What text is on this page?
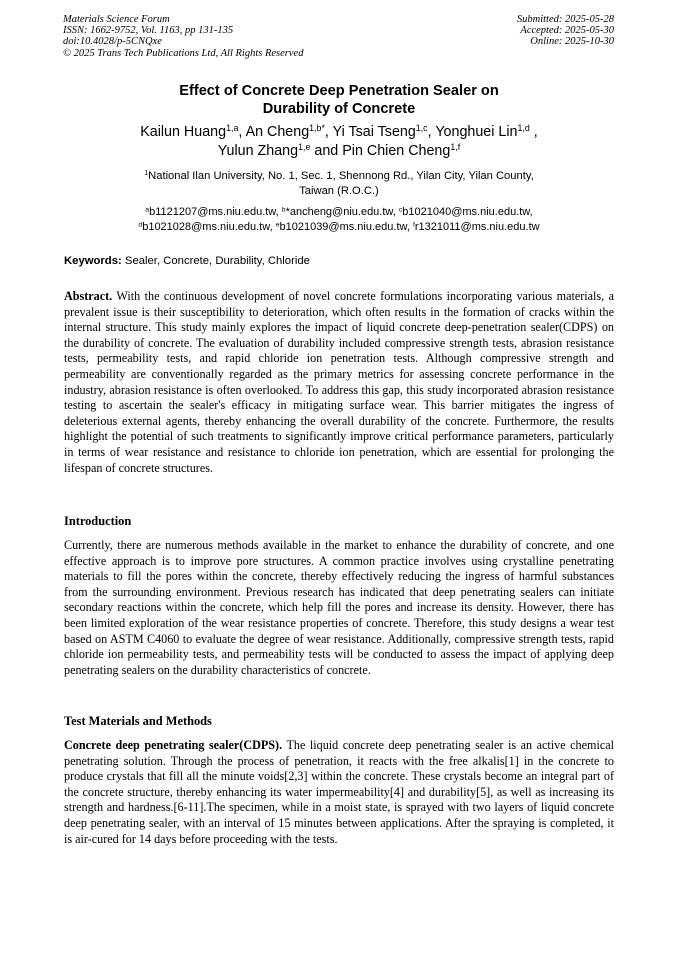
Materials Science Forum
ISSN: 1662-9752, Vol. 1163, pp 131-135
doi:10.4028/p-5CNQxe
© 2025 Trans Tech Publications Ltd, All Rights Reserved
Submitted: 2025-05-28
Accepted: 2025-05-30
Online: 2025-10-30
Effect of Concrete Deep Penetration Sealer on
Durability of Concrete
Kailun Huang$^{1,a}$, An Cheng$^{1,b*}$, Yi Tsai Tseng$^{1,c}$, Yonghuei Lin$^{1,d}$ ,
Yulun Zhang$^{1,e}$ and Pin Chien Cheng$^{1,f}$
$^1$National Ilan University, No. 1, Sec. 1, Shennong Rd., Yilan City, Yilan County,
Taiwan (R.O.C.)
$^a$b1121207@ms.niu.edu.tw, $^b$*ancheng@niu.edu.tw, $^c$b1021040@ms.niu.edu.tw,
$^d$b1021028@ms.niu.edu.tw, $^e$b1021039@ms.niu.edu.tw, $^f$r1321011@ms.niu.edu.tw
Keywords: Sealer, Concrete, Durability, Chloride
Abstract. With the continuous development of novel concrete formulations incorporating various materials, a prevalent issue is their susceptibility to deterioration, which often results in the formation of cracks within the internal structure. This study mainly explores the impact of liquid concrete deep-penetration sealer(CDPS) on the durability of concrete. The evaluation of durability included compressive strength tests, abrasion resistance tests, permeability tests, and rapid chloride ion penetration tests. Although compressive strength and permeability are conventionally regarded as the primary metrics for assessing concrete performance in the industry, abrasion resistance is often overlooked. To address this gap, this study incorporated abrasion resistance testing to ascertain the sealer's efficacy in mitigating surface wear. This barrier mitigates the ingress of deleterious external agents, thereby enhancing the overall durability of the concrete. Furthermore, the results highlight the potential of such treatments to significantly improve critical performance parameters, particularly in terms of wear resistance and resistance to chloride ion penetration, which are essential for prolonging the lifespan of concrete structures.
Introduction
Currently, there are numerous methods available in the market to enhance the durability of concrete, and one effective approach is to improve pore structures. A common practice involves using crystalline penetrating materials to fill the pores within the concrete, thereby effectively reducing the ingress of harmful substances from the surrounding environment. Previous research has indicated that deep penetrating sealers can initiate secondary reactions within the concrete, which help fill the pores and increase its density. However, there has been limited exploration of the wear resistance properties of concrete. Therefore, this study designs a wear test based on ASTM C4060 to evaluate the degree of wear resistance. Additionally, compressive strength tests, rapid chloride ion permeability tests, and permeability tests will be conducted to assess the impact of applying deep penetrating sealers on the durability characteristics of concrete.
Test Materials and Methods
Concrete deep penetrating sealer(CDPS). The liquid concrete deep penetrating sealer is an active chemical penetrating solution. Through the process of penetration, it reacts with the free alkalis[1] in the concrete to produce crystals that fill all the minute voids[2,3] within the concrete. These crystals become an integral part of the concrete structure, thereby enhancing its water impermeability[4] and durability[5], as well as increasing its strength and hardness.[6-11].The specimen, while in a moist state, is sprayed with two layers of liquid concrete deep penetrating sealer, with an interval of 15 minutes between applications. After the spraying is completed, it is air-cured for 14 days before proceeding with the tests.
